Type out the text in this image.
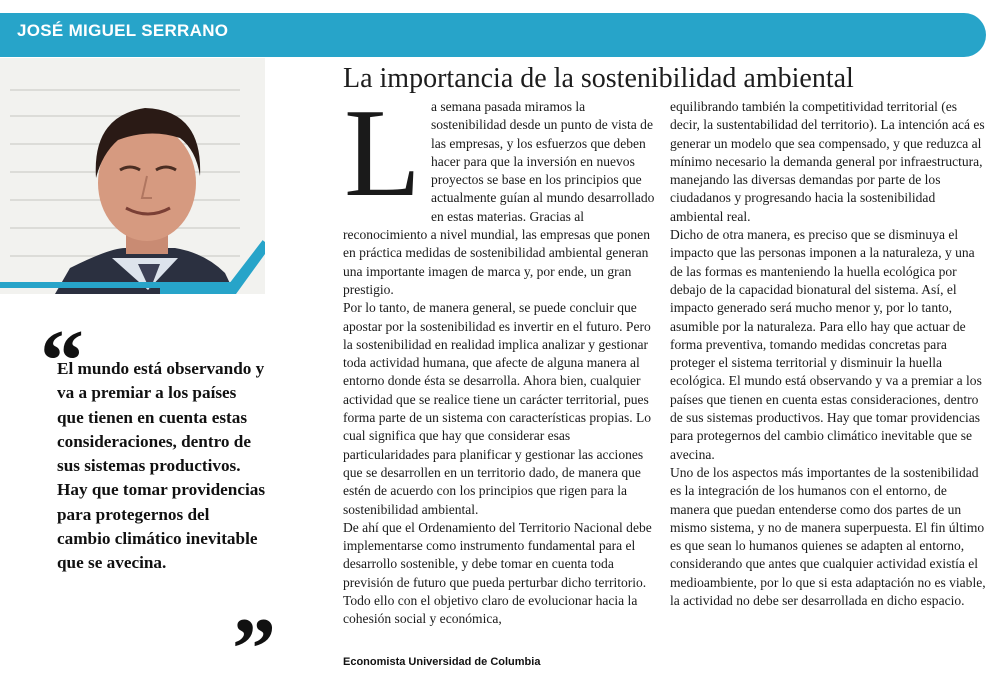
JOSÉ MIGUEL SERRANO
La importancia de la sostenibilidad ambiental
L a semana pasada miramos la sostenibilidad desde un punto de vista de las empresas, y los esfuerzos que deben hacer para que la inversión en nuevos proyectos se base en los principios que actualmente guían al mundo desarrollado en estas materias. Gracias al reconocimiento a nivel mundial, las empresas que ponen en práctica medidas de sostenibilidad ambiental generan una importante imagen de marca y, por ende, un gran prestigio.

Por lo tanto, de manera general, se puede concluir que apostar por la sostenibilidad es invertir en el futuro. Pero la sostenibilidad en realidad implica analizar y gestionar toda actividad humana, que afecte de alguna manera al entorno donde ésta se desarrolla. Ahora bien, cualquier actividad que se realice tiene un carácter territorial, pues forma parte de un sistema con características propias. Lo cual significa que hay que considerar esas particularidades para planificar y gestionar las acciones que se desarrollen en un territorio dado, de manera que estén de acuerdo con los principios que rigen para la sostenibilidad ambiental.

De ahí que el Ordenamiento del Territorio Nacional debe implementarse como instrumento fundamental para el desarrollo sostenible, y debe tomar en cuenta toda previsión de futuro que pueda perturbar dicho territorio. Todo ello con el objetivo claro de evolucionar hacia la cohesión social y económica,

equilibrando también la competitividad territorial (es decir, la sustentabilidad del territorio). La intención acá es generar un modelo que sea compensado, y que reduzca al mínimo necesario la demanda general por infraestructura, manejando las diversas demandas por parte de los ciudadanos y progresando hacia la sostenibilidad ambiental real.

Dicho de otra manera, es preciso que se disminuya el impacto que las personas imponen a la naturaleza, y una de las formas es manteniendo la huella ecológica por debajo de la capacidad bionatural del sistema. Así, el impacto generado será mucho menor y, por lo tanto, asumible por la naturaleza. Para ello hay que actuar de forma preventiva, tomando medidas concretas para proteger el sistema territorial y disminuir la huella ecológica. El mundo está observando y va a premiar a los países que tienen en cuenta estas consideraciones, dentro de sus sistemas productivos. Hay que tomar providencias para protegernos del cambio climático inevitable que se avecina.

Uno de los aspectos más importantes de la sostenibilidad es la integración de los humanos con el entorno, de manera que puedan entenderse como dos partes de un mismo sistema, y no de manera superpuesta. El fin último es que sean lo humanos quienes se adapten al entorno, considerando que antes que cualquier actividad existía el medioambiente, por lo que si esta adaptación no es viable, la actividad no debe ser desarrollada en dicho espacio.

“
El mundo está observando y va a premiar a los países que tienen en cuenta estas consideraciones, dentro de sus sistemas productivos. Hay que tomar providencias para protegernos del cambio climático inevitable que se avecina.
”	Economista Universidad de Columbia
